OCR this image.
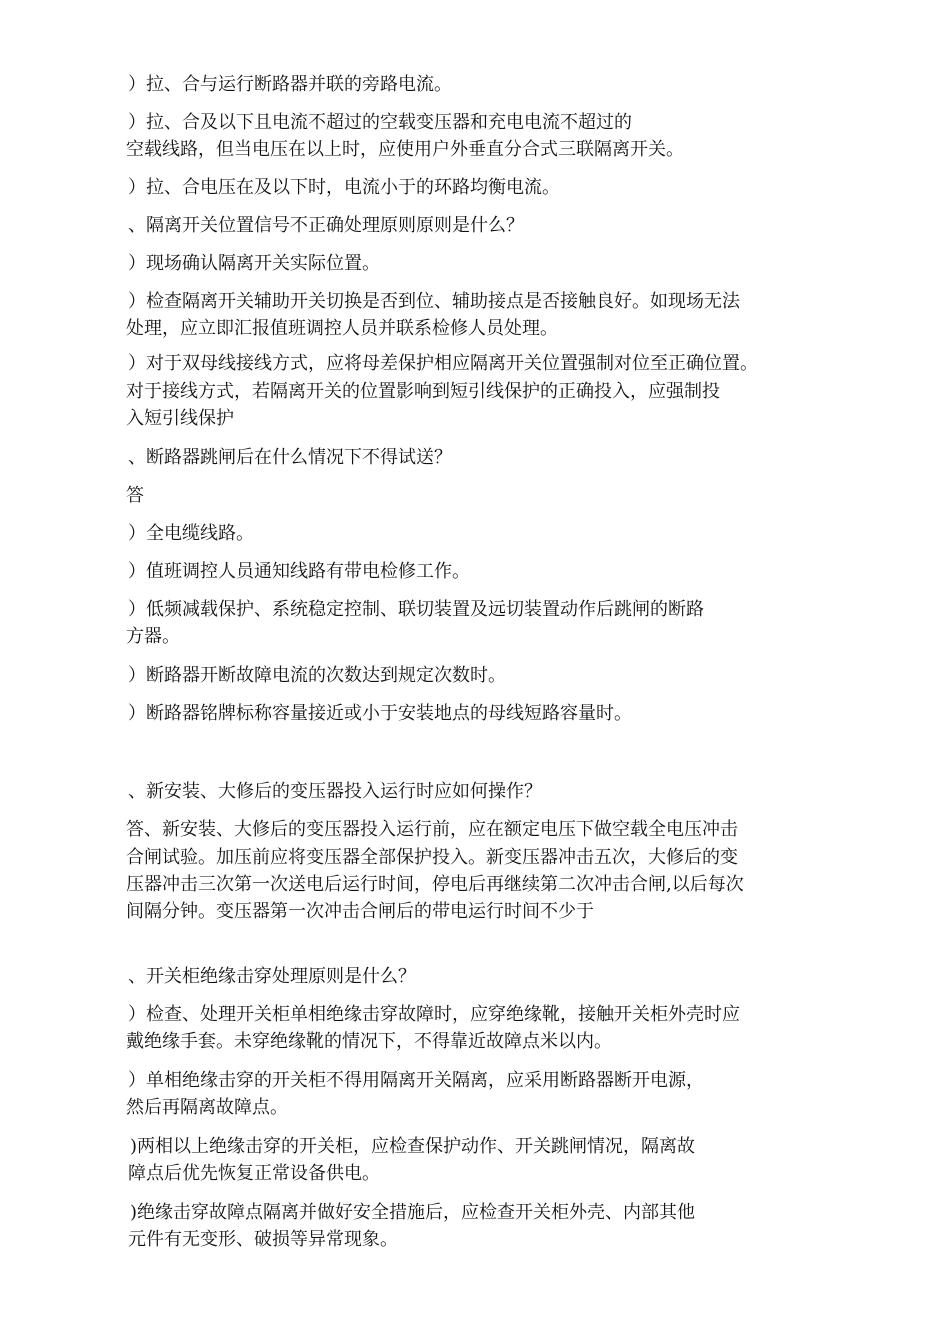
）拉、合与运行断路器并联的旁路电流。
）拉、合及以下且电流不超过的空载变压器和充电电流不超过的
空载线路，但当电压在以上时，应使用户外垂直分合式三联隔离开关。
）拉、合电压在及以下时，电流小于的环路均衡电流。
、隔离开关位置信号不正确处理原则原则是什么？
）现场确认隔离开关实际位置。
）检查隔离开关辅助开关切换是否到位、辅助接点是否接触良好。如现场无法
处理，应立即汇报值班调控人员并联系检修人员处理。
）对于双母线接线方式，应将母差保护相应隔离开关位置强制对位至正确位置。
对于接线方式，若隔离开关的位置影响到短引线保护的正确投入，应强制投
入短引线保护
、断路器跳闸后在什么情况下不得试送？
答
）全电缆线路。
）值班调控人员通知线路有带电检修工作。
）低频减载保护、系统稳定控制、联切装置及远切装置动作后跳闸的断路
方器。
）断路器开断故障电流的次数达到规定次数时。
）断路器铭牌标称容量接近或小于安装地点的母线短路容量时。
、新安装、大修后的变压器投入运行时应如何操作？
答、新安装、大修后的变压器投入运行前，应在额定电压下做空载全电压冲击
合闸试验。加压前应将变压器全部保护投入。新变压器冲击五次，大修后的变
压器冲击三次第一次送电后运行时间，停电后再继续第二次冲击合闸,以后每次
间隔分钟。变压器第一次冲击合闸后的带电运行时间不少于
、开关柜绝缘击穿处理原则是什么？
）检查、处理开关柜单相绝缘击穿故障时，应穿绝缘靴，接触开关柜外壳时应
戴绝缘手套。未穿绝缘靴的情况下，不得靠近故障点米以内。
）单相绝缘击穿的开关柜不得用隔离开关隔离，应采用断路器断开电源，
然后再隔离故障点。
)两相以上绝缘击穿的开关柜，应检查保护动作、开关跳闸情况，隔离故
障点后优先恢复正常设备供电。
)绝缘击穿故障点隔离并做好安全措施后，应检查开关柜外壳、内部其他
元件有无变形、破损等异常现象。
